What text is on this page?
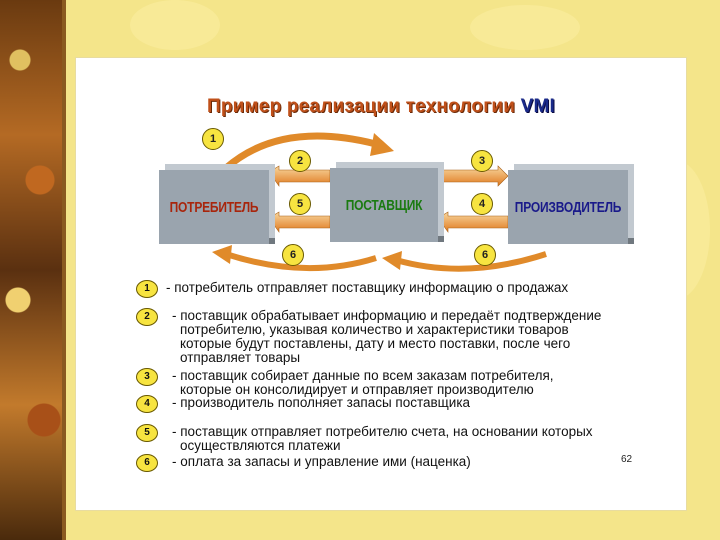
Пример реализации технологии VMI
ПОТРЕБИТЕЛЬ	ПОСТАВЩИК	ПРОИЗВОДИТЕЛЬ
1
2	3
5	4
6	6
1	- потребитель отправляет поставщику информацию о продажах
2	- поставщик обрабатывает информацию и передаёт подтверждение
потребителю, указывая количество и характеристики товаров
которые будут поставлены, дату и место поставки, после чего
отправляет товары
3	- поставщик собирает данные по всем заказам потребителя,
которые он консолидирует и отправляет производителю
4	- производитель пополняет запасы поставщика
5	- поставщик отправляет потребителю счета, на основании которых
осуществляются платежи
6	- оплата за запасы и управление ими (наценка)	62
